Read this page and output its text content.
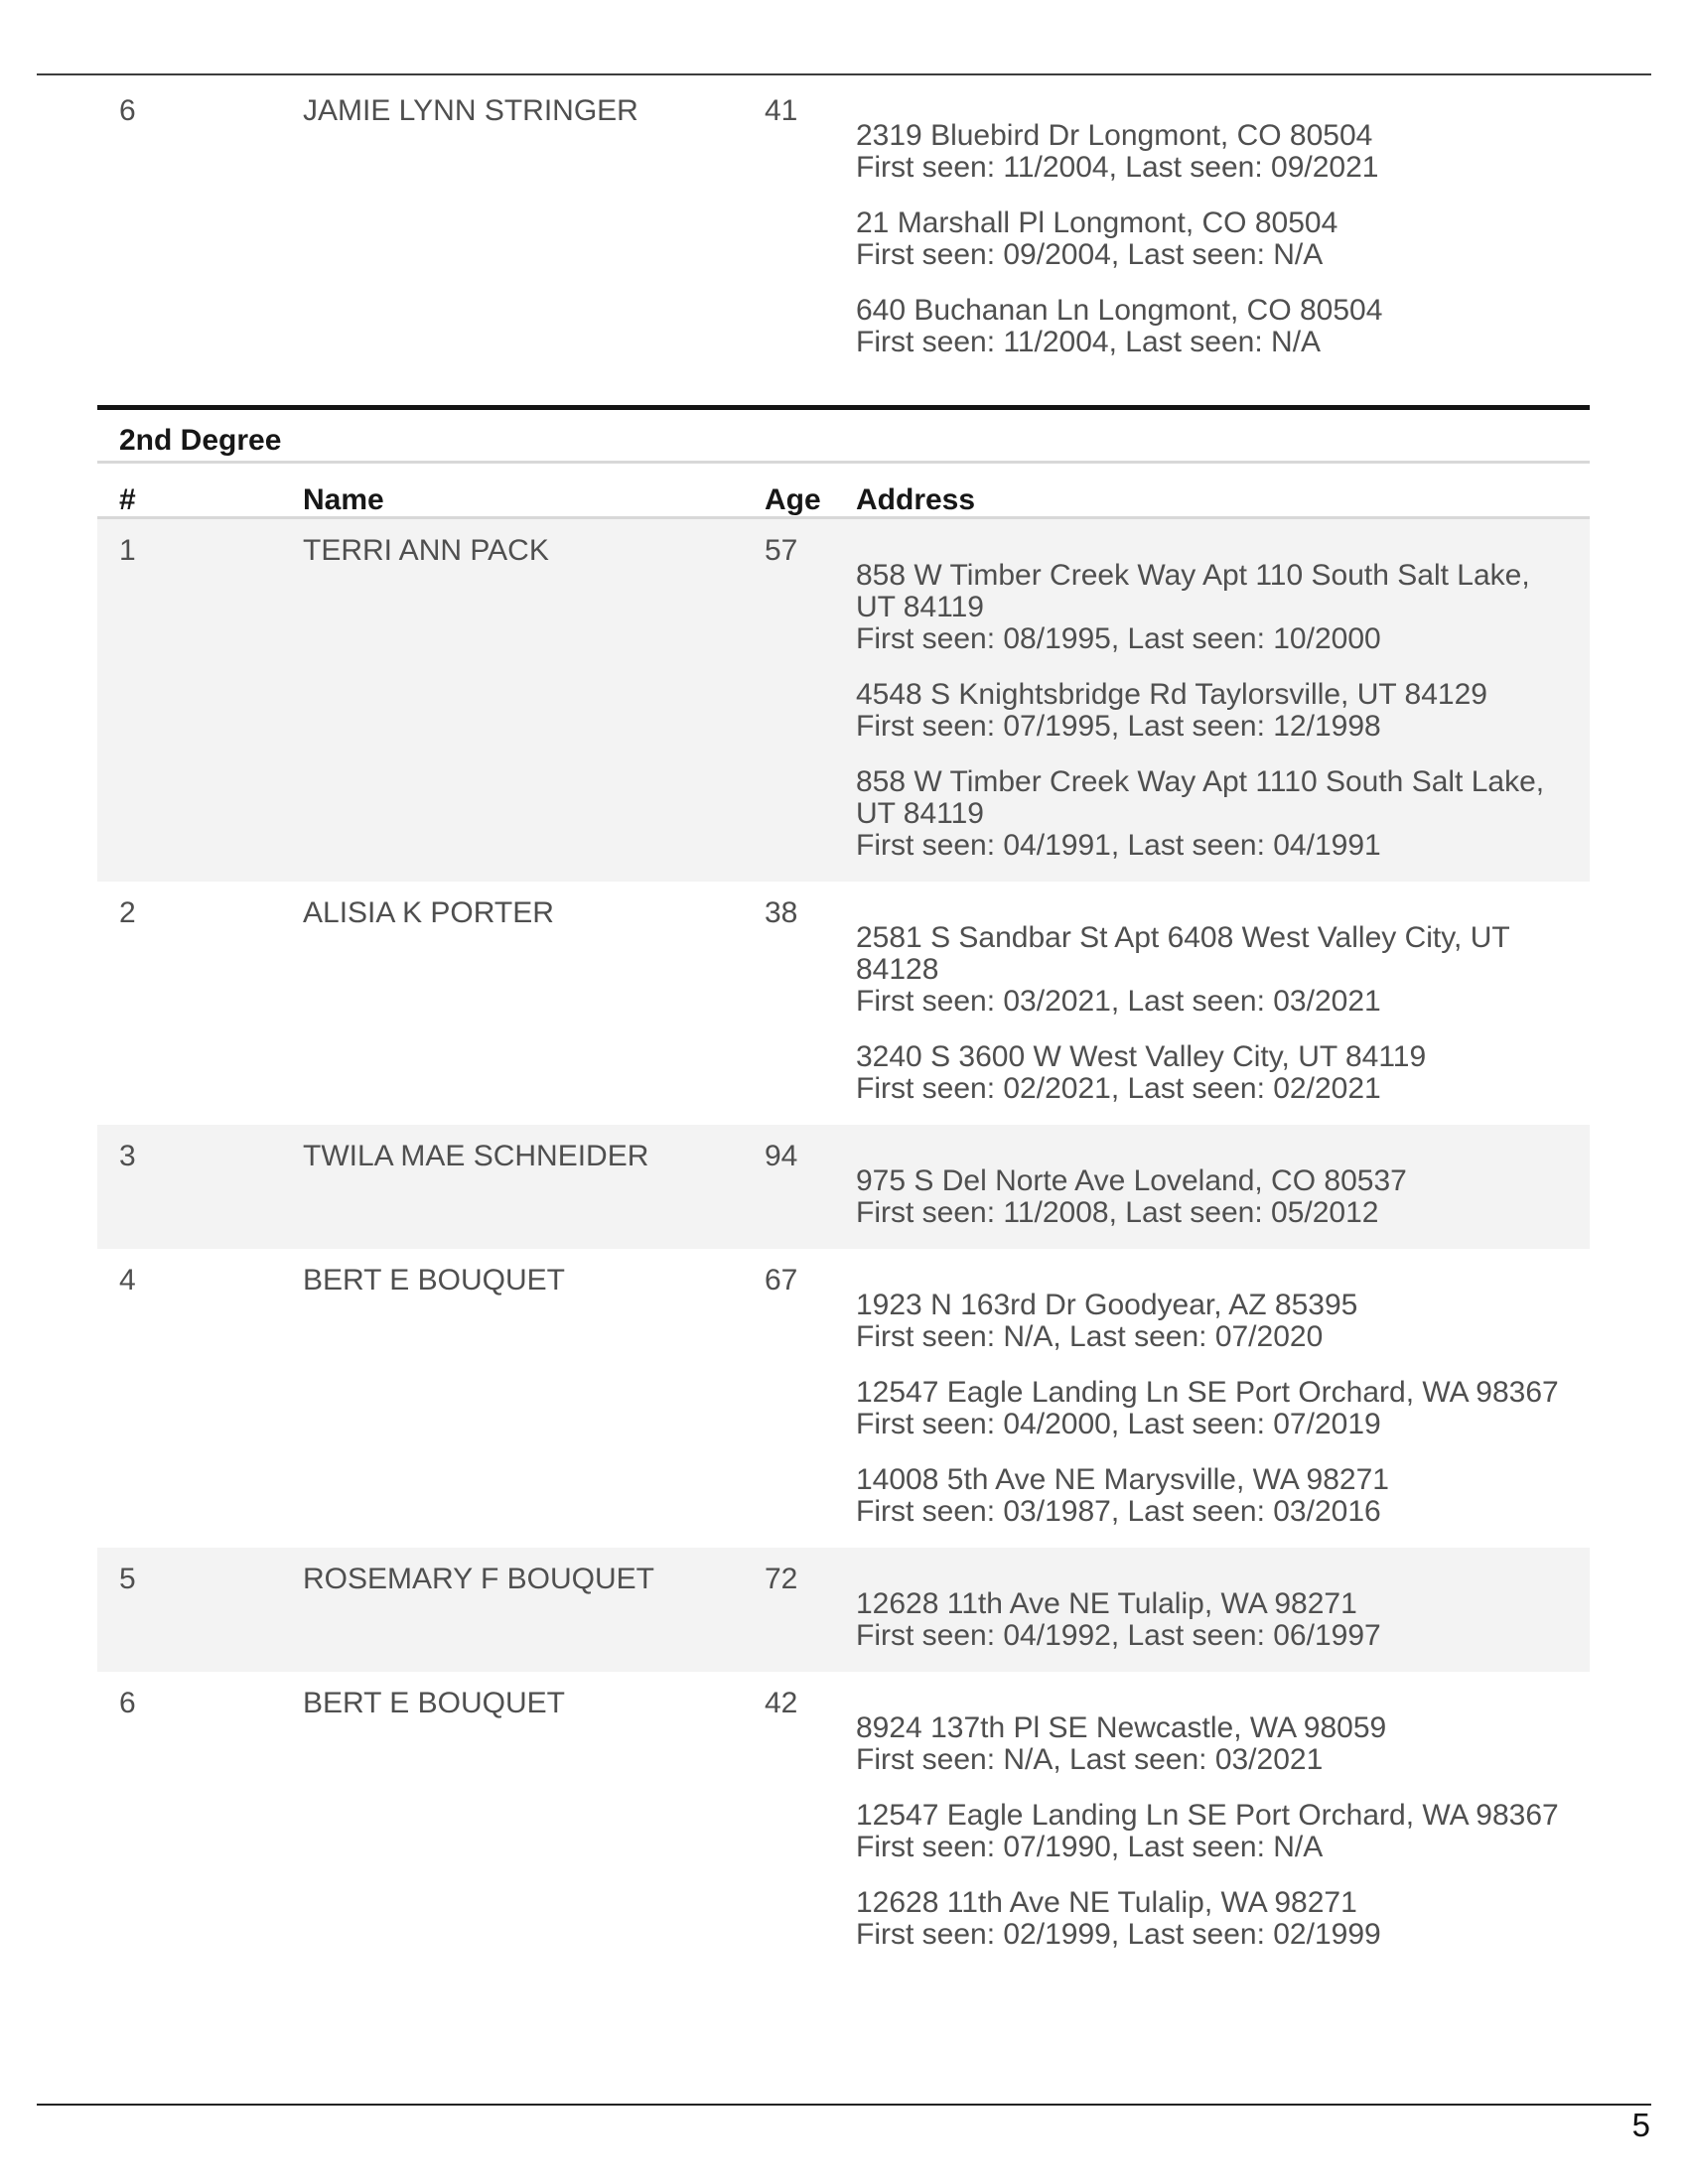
6	JAMIE LYNN STRINGER	41
2319 Bluebird Dr Longmont, CO 80504
First seen: 11/2004, Last seen: 09/2021
21 Marshall Pl Longmont, CO 80504
First seen: 09/2004, Last seen: N/A
640 Buchanan Ln Longmont, CO 80504
First seen: 11/2004, Last seen: N/A
2nd Degree
#	Name	Age	Address
1	TERRI ANN PACK	57
858 W Timber Creek Way Apt 110 South Salt Lake, UT 84119
First seen: 08/1995, Last seen: 10/2000
4548 S Knightsbridge Rd Taylorsville, UT 84129
First seen: 07/1995, Last seen: 12/1998
858 W Timber Creek Way Apt 1110 South Salt Lake, UT 84119
First seen: 04/1991, Last seen: 04/1991
2	ALISIA K PORTER	38
2581 S Sandbar St Apt 6408 West Valley City, UT 84128
First seen: 03/2021, Last seen: 03/2021
3240 S 3600 W West Valley City, UT 84119
First seen: 02/2021, Last seen: 02/2021
3	TWILA MAE SCHNEIDER	94
975 S Del Norte Ave Loveland, CO 80537
First seen: 11/2008, Last seen: 05/2012
4	BERT E BOUQUET	67
1923 N 163rd Dr Goodyear, AZ 85395
First seen: N/A, Last seen: 07/2020
12547 Eagle Landing Ln SE Port Orchard, WA 98367
First seen: 04/2000, Last seen: 07/2019
14008 5th Ave NE Marysville, WA 98271
First seen: 03/1987, Last seen: 03/2016
5	ROSEMARY F BOUQUET	72
12628 11th Ave NE Tulalip, WA 98271
First seen: 04/1992, Last seen: 06/1997
6	BERT E BOUQUET	42
8924 137th Pl SE Newcastle, WA 98059
First seen: N/A, Last seen: 03/2021
12547 Eagle Landing Ln SE Port Orchard, WA 98367
First seen: 07/1990, Last seen: N/A
12628 11th Ave NE Tulalip, WA 98271
First seen: 02/1999, Last seen: 02/1999
5
